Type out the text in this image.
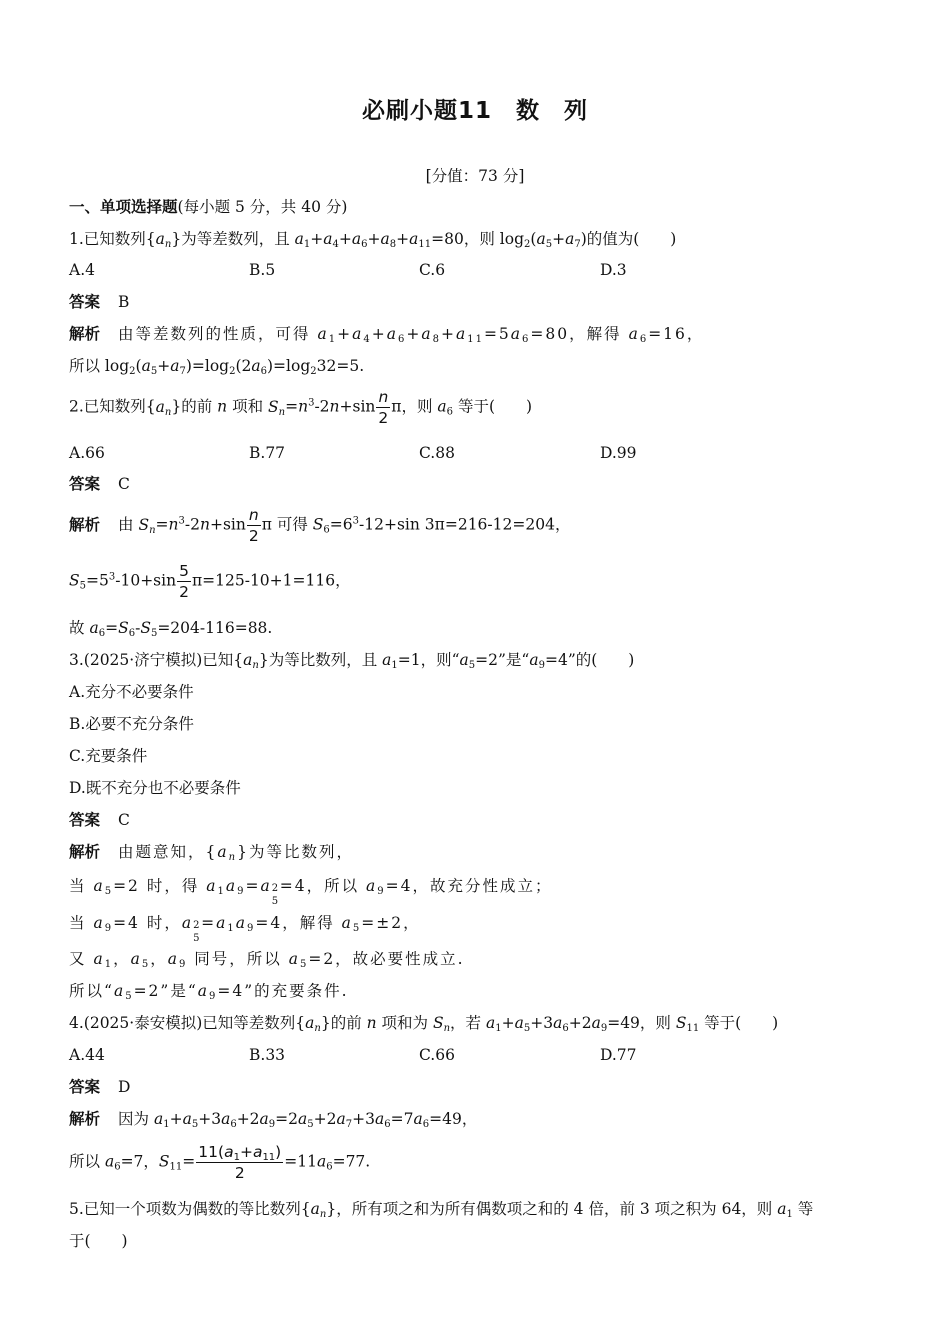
必刷小题11　数　列
[分值：73 分]
一、单项选择题(每小题 5 分，共 40 分)
1.已知数列$\{a_n\}$为等差数列，且 $a_1+a_4+a_6+a_8+a_{11}=80$，则 $\log_2(a_5+a_7)$的值为(　　)
A.4	B.5	C.6	D.3
答案 B
解析 由等差数列的性质，可得 $a_1+a_4+a_6+a_8+a_{11}=5a_6=80$，解得 $a_6=16$，
所以 $\log_2(a_5+a_7)=\log_2(2a_6)=\log_232=5$.
2.已知数列$\{a_n\}$的前 n 项和 $S_n=n^3-2n+\sin \frac{n}{2}$ π，则 $a_6$ 等于(　　)
A.66	B.77	C.88	D.99
答案 C
解析 由 $S_n=n^3-2n+\sin \frac{n}{2}$ π 可得 $S_6=6^3-12+\sin$ 3π=216-12=204，
$S_5=5^3-10+\sin \frac{5}{2} \pi=125-10+1=116$，
故 $a_6=S_6-S_5=204-116=88$.
3.(2025·济宁模拟)已知$\{a_n\}$为等比数列，且 $a_1=1$，则“$a_5=2$”是“$a_9=4$”的(　　)
A.充分不必要条件
B.必要不充分条件
C.充要条件
D.既不充分也不必要条件
答案 C
解析 由题意知，$\{a_n\}$为等比数列，
当 $a_5=2$ 时，得 $a_1a_9=a$ 2
5
=4，所以 $a_9=4$，故充分性成立；
当 $a_9=4$ 时，a 2
5
$=a_1a_9=4$，解得 $a_5=\pm 2$，
又 $a_1$，$a_5$，$a_9$ 同号，所以 $a_5=2$，故必要性成立.
所以“$a_5=2$”是“$a_9=4$”的充要条件.
4.(2025·泰安模拟)已知等差数列$\{a_n\}$的前 n 项和为 $S_n$，若 $a_1+a_5+3a_6+2a_9=49$，则 $S_{11}$ 等于(　　)
A.44	B.33	C.66	D.77
答案 D
解析 因为 $a_1+a_5+3a_6+2a_9=2a_5+2a_7+3a_6=7a_6=49$，
所以 $a_6=7$，$S_{11}= \frac{11(a_1+a_{11})}{2} =11a_6=77$.
5.已知一个项数为偶数的等比数列$\{a_n\}$，所有项之和为所有偶数项之和的 4 倍，前 3 项之积为 64，则 $a_1$ 等
于(　　)
